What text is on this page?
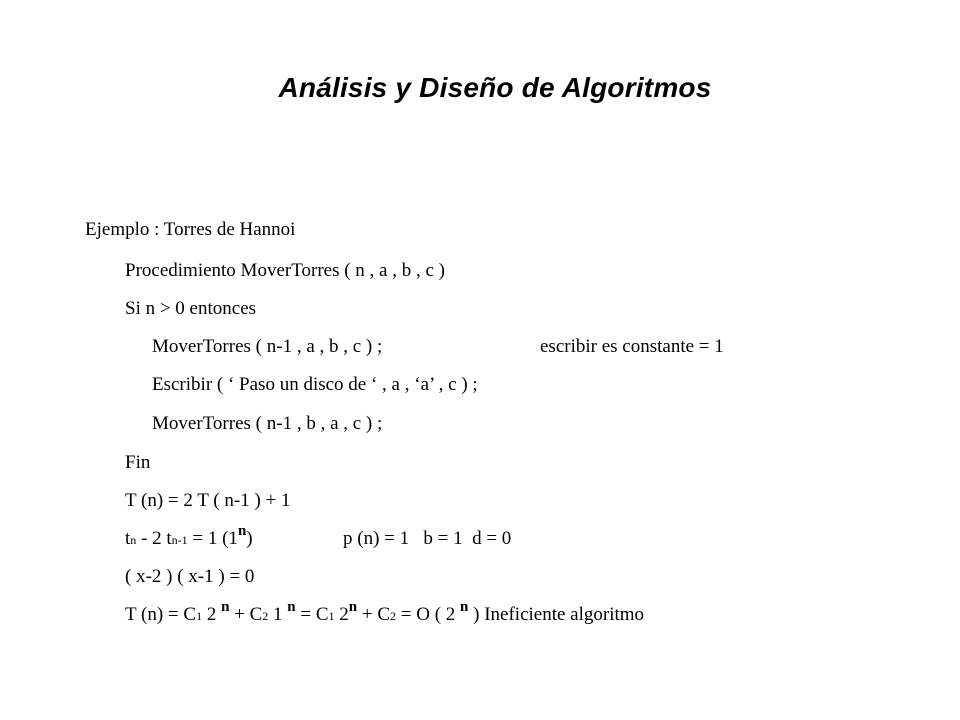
Análisis y Diseño de Algoritmos
Ejemplo : Torres de Hannoi
Procedimiento MoverTorres ( n , a , b , c )
Si n > 0 entonces
MoverTorres ( n-1 , a , b , c ) ;	escribir es constante = 1
Escribir ( ‘ Paso un disco de ‘ , a , ‘a’ , c ) ;
MoverTorres ( n-1 , b , a , c ) ;
Fin
T (n) = 2 T ( n-1 ) + 1
tn - 2 tn-1 = 1 (1$^n$)	p (n) = 1   b = 1  d = 0
( x-2 ) ( x-1 ) = 0
T (n) = C1 2 $^n$ + C2 1 $^n$ = C1 $2^n + C2 = O$ ( 2 $^n$ ) Ineficiente algoritmo
